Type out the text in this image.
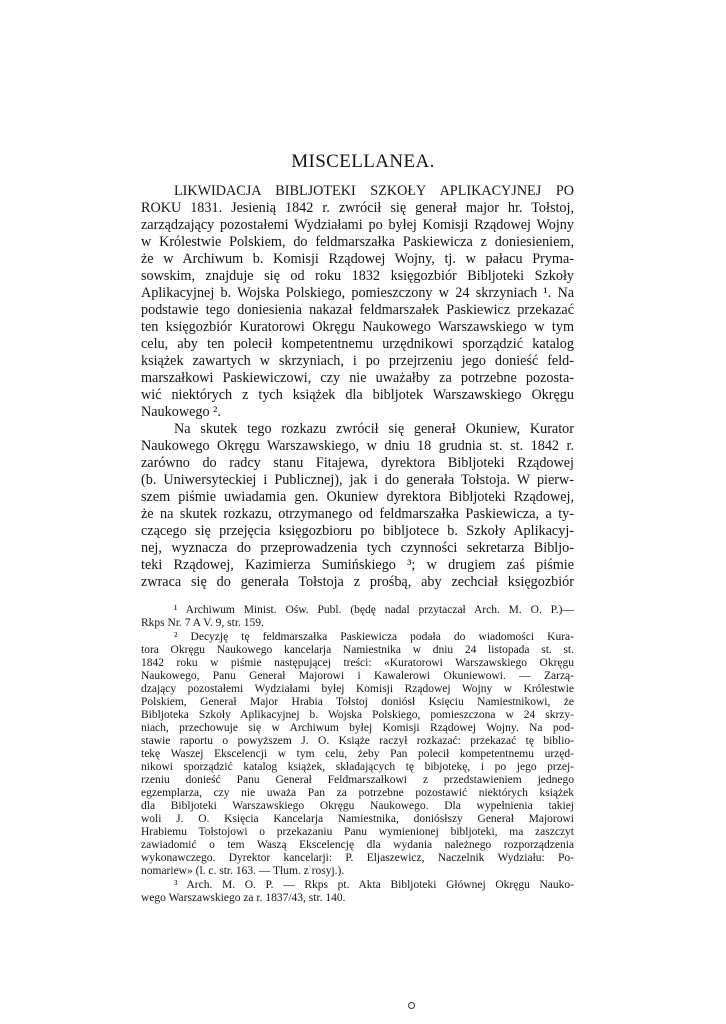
MISCELLANEA.
LIKWIDACJA BIBLJOTEKI SZKOŁY APLIKACYJNEJ PO
ROKU 1831. Jesienią 1842 r. zwrócił się generał major hr. Tołstoj,
zarządzający pozostałemi Wydziałami po byłej Komisji Rządowej Wojny
w Królestwie Polskiem, do feldmarszałka Paskiewicza z doniesieniem,
że w Archiwum b. Komisji Rządowej Wojny, tj. w pałacu Pryma-
sowskim, znajduje się od roku 1832 księgozbiór Bibljoteki Szkoły
Aplikacyjnej b. Wojska Polskiego, pomieszczony w 24 skrzyniach ¹. Na
podstawie tego doniesienia nakazał feldmarszałek Paskiewicz przekazać
ten księgozbiór Kuratorowi Okręgu Naukowego Warszawskiego w tym
celu, aby ten polecił kompetentnemu urzędnikowi sporządzić katalog
książek zawartych w skrzyniach, i po przejrzeniu jego donieść feld-
marszałkowi Paskiewiczowi, czy nie uważałby za potrzebne pozosta-
wić niektórych z tych książek dla bibljotek Warszawskiego Okręgu
Naukowego ².
Na skutek tego rozkazu zwrócił się generał Okuniew, Kurator
Naukowego Okręgu Warszawskiego, w dniu 18 grudnia st. st. 1842 r.
zarówno do radcy stanu Fitajewa, dyrektora Bibljoteki Rządowej
(b. Uniwersyteckiej i Publicznej), jak i do generała Tołstoja. W pierw-
szem piśmie uwiadamia gen. Okuniew dyrektora Bibljoteki Rządowej,
że na skutek rozkazu, otrzymanego od feldmarszałka Paskiewicza, a ty-
czącego się przejęcia księgozbioru po bibljotece b. Szkoły Aplikacyj-
nej, wyznacza do przeprowadzenia tych czynności sekretarza Bibljo-
teki Rządowej, Kazimierza Sumińskiego ³; w drugiem zaś piśmie
zwraca się do generała Tołstoja z prośbą, aby zechciał księgozbiór
¹ Archiwum Minist. Ośw. Publ. (będę nadal przytaczał Arch. M. O. P.)—
Rkps Nr. 7 A V. 9, str. 159.
² Decyzję tę feldmarszałka Paskiewicza podała do wiadomości Kura-
tora Okręgu Naukowego kancelarja Namiestnika w dniu 24 listopada st. st.
1842 roku w piśmie następującej treści: «Kuratorowi Warszawskiego Okręgu
Naukowego, Panu Generał Majorowi i Kawalerowi Okuniewowi. — Zarzą-
dzający pozostałemi Wydziałami byłej Komisji Rządowej Wojny w Królestwie
Polskiem, Generał Major Hrabia Tołstoj doniósł Księciu Namiestnikowi, że
Bibljoteka Szkoły Aplikacyjnej b. Wojska Polskiego, pomieszczona w 24 skrzy-
niach, przechowuje się w Archiwum byłej Komisji Rządowej Wojny. Na pod-
stawie raportu o powyższem J. O. Książe raczył rozkazać: przekazać tę biblio-
tekę Waszej Ekscelencji w tym celu, żeby Pan polecił kompetentnemu urzęd-
nikowi sporządzić katalog książek, składających tę bibjotekę, i po jego przej-
rzeniu donieść Panu Generał Feldmarszałkowi z przedstawieniem jednego
egzemplarza, czy nie uważa Pan za potrzebne pozostawić niektórych książek
dla Bibljoteki Warszawskiego Okręgu Naukowego. Dla wypełnienia takiej
woli J. O. Księcia Kancelarja Namiestnika, doniósłszy Generał Majorowi
Hrabiemu Tołstojowi o przekazaniu Panu wymienionej bibljoteki, ma zaszczyt
zawiadomić o tem Waszą Ekscelencję dla wydania należnego rozporządzenia
wykonawczego. Dyrektor kancelarji: P. Eljaszewicz, Naczelnik Wydziału: Po-
nomariew» (l. c. str. 163. — Tłum. z rosyj.).
³ Arch. M. O. P. — Rkps pt. Akta Bibljoteki Głównej Okręgu Nauko-
wego Warszawskiego za r. 1837/43, str. 140.
